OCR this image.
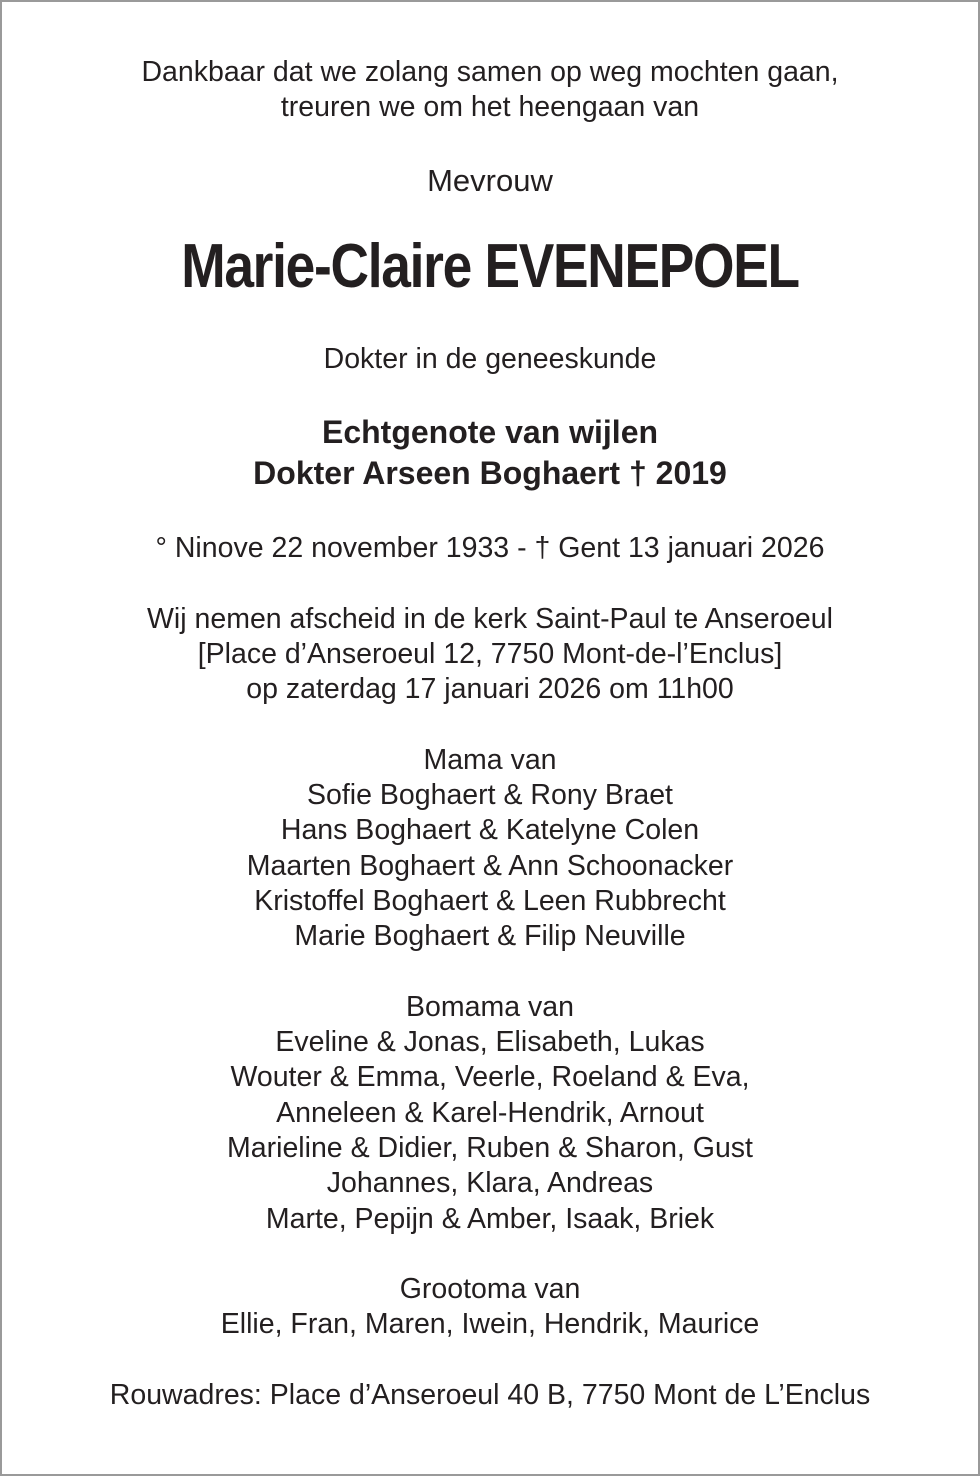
Dankbaar dat we zolang samen op weg mochten gaan,

treuren we om het heengaan van

Mevrouw

Marie-Claire EVENEPOEL

Dokter in de geneeskunde

Echtgenote van wijlen

Dokter Arseen Boghaert † 2019

° Ninove 22 november 1933 - † Gent 13 januari 2026

Wij nemen afscheid in de kerk Saint-Paul te Anseroeul

[Place d’Anseroeul 12, 7750 Mont-de-l’Enclus]

op zaterdag 17 januari 2026 om 11h00

Mama van

Sofie Boghaert & Rony Braet

Hans Boghaert & Katelyne Colen

Maarten Boghaert & Ann Schoonacker

Kristoffel Boghaert & Leen Rubbrecht

Marie Boghaert & Filip Neuville

Bomama van

Eveline & Jonas, Elisabeth, Lukas

Wouter & Emma, Veerle, Roeland & Eva,

Anneleen & Karel-Hendrik, Arnout

Marieline & Didier, Ruben & Sharon, Gust

Johannes, Klara, Andreas

Marte, Pepijn & Amber, Isaak, Briek

Grootoma van

Ellie, Fran, Maren, Iwein, Hendrik, Maurice

Rouwadres: Place d’Anseroeul 40 B, 7750 Mont de L’Enclus
